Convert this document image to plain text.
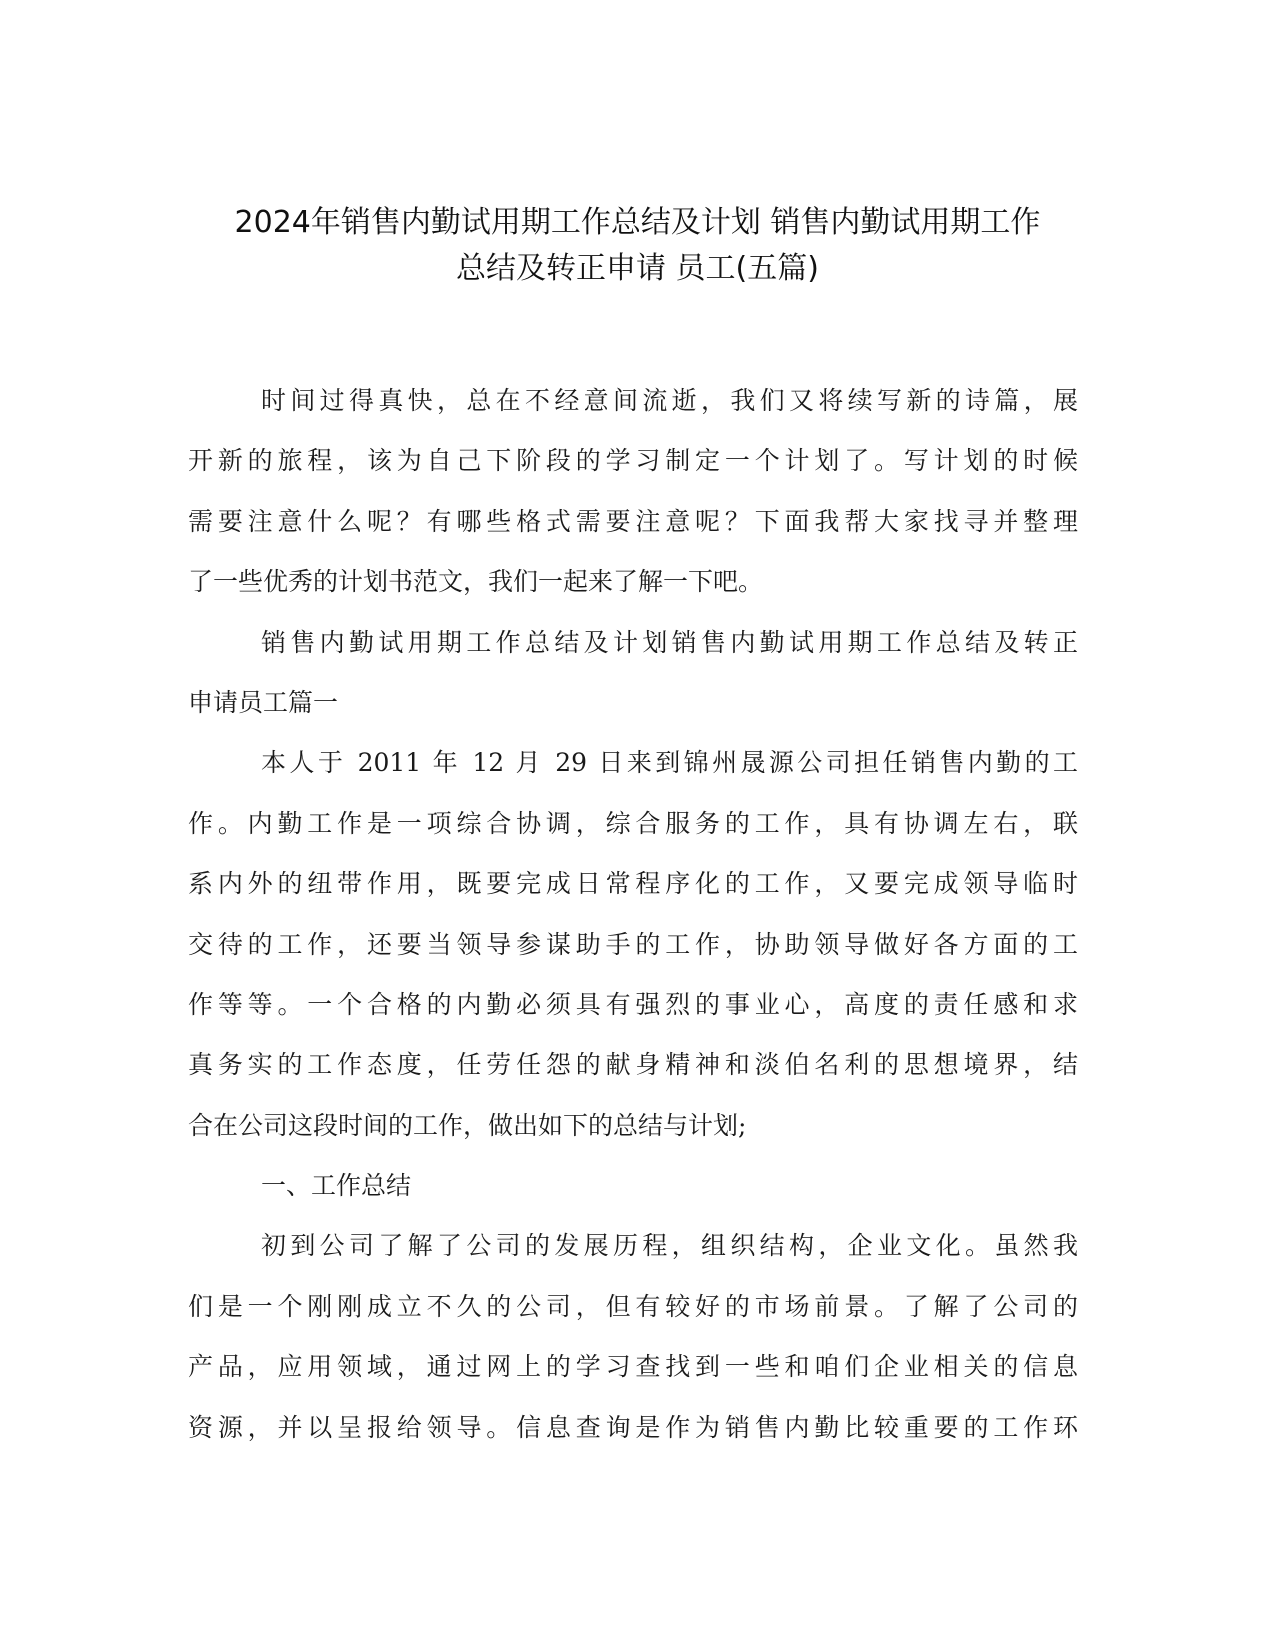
2024年销售内勤试用期工作总结及计划 销售内勤试用期工作
总结及转正申请 员工(五篇)
时间过得真快，总在不经意间流逝，我们又将续写新的诗篇，展
开新的旅程，该为自己下阶段的学习制定一个计划了。写计划的时候
需要注意什么呢？有哪些格式需要注意呢？下面我帮大家找寻并整理
了一些优秀的计划书范文，我们一起来了解一下吧。
销售内勤试用期工作总结及计划销售内勤试用期工作总结及转正
申请员工篇一
本人于 2011 年 12 月 29 日来到锦州晟源公司担任销售内勤的工
作。内勤工作是一项综合协调，综合服务的工作，具有协调左右，联
系内外的纽带作用，既要完成日常程序化的工作，又要完成领导临时
交待的工作，还要当领导参谋助手的工作，协助领导做好各方面的工
作等等。一个合格的内勤必须具有强烈的事业心，高度的责任感和求
真务实的工作态度，任劳任怨的献身精神和淡伯名利的思想境界，结
合在公司这段时间的工作，做出如下的总结与计划;
一、工作总结
初到公司了解了公司的发展历程，组织结构，企业文化。虽然我
们是一个刚刚成立不久的公司，但有较好的市场前景。了解了公司的
产品，应用领域，通过网上的学习查找到一些和咱们企业相关的信息
资源，并以呈报给领导。信息查询是作为销售内勤比较重要的工作环
